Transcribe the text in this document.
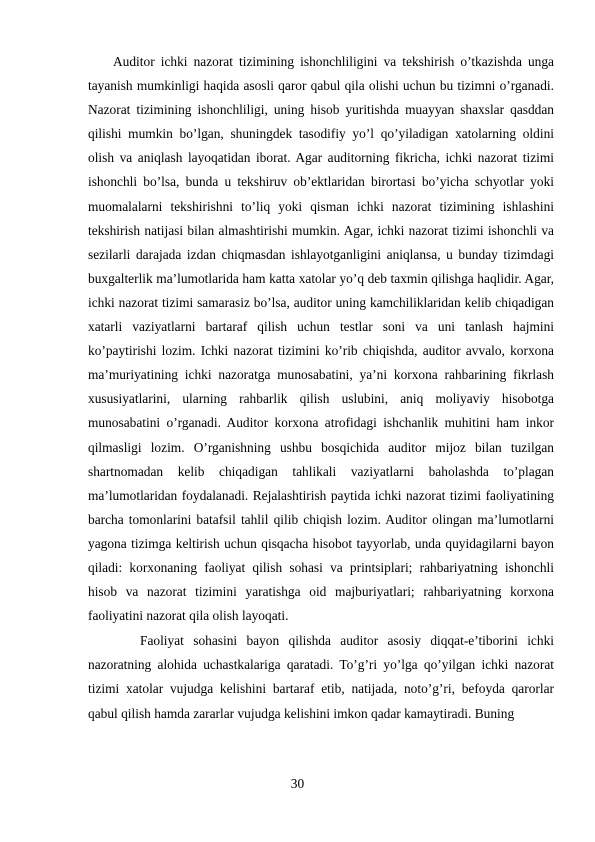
Auditor ichki nazorat tizimining ishonchliligini va tekshirish o’tkazishda unga tayanish mumkinligi haqida asosli qaror qabul qila olishi uchun bu tizimni o’rganadi. Nazorat tizimining ishonchliligi, uning hisob yuritishda muayyan shaxslar qasddan qilishi mumkin bo’lgan, shuningdek tasodifiy yo’l qo’yiladigan xatolarning oldini olish va aniqlash layoqatidan iborat. Agar auditorning fikricha, ichki nazorat tizimi ishonchli bo’lsa, bunda u tekshiruv ob’ektlaridan birortasi bo’yicha schyotlar yoki muomalalarni tekshirishni to’liq yoki qisman ichki nazorat tizimining ishlashini tekshirish natijasi bilan almashtirishi mumkin. Agar, ichki nazorat tizimi ishonchli va sezilarli darajada izdan chiqmasdan ishlayotganligini aniqlansa, u bunday tizimdagi buxgalterlik ma’lumotlarida ham katta xatolar yo’q deb taxmin qilishga haqlidir. Agar, ichki nazorat tizimi samarasiz bo’lsa, auditor uning kamchiliklaridan kelib chiqadigan xatarli vaziyatlarni bartaraf qilish uchun testlar soni va uni tanlash hajmini ko’paytirishi lozim. Ichki nazorat tizimini ko’rib chiqishda, auditor avvalo, korxona ma’muriyatining ichki nazoratga munosabatini, ya’ni korxona rahbarining fikrlash xususiyatlarini, ularning rahbarlik qilish uslubini, aniq moliyaviy hisobotga munosabatini o’rganadi. Auditor korxona atrofidagi ishchanlik muhitini ham inkor qilmasligi lozim. O’rganishning ushbu bosqichida auditor mijoz bilan tuzilgan shartnomadan kelib chiqadigan tahlikali vaziyatlarni baholashda to’plagan ma’lumotlaridan foydalanadi. Rejalashtirish paytida ichki nazorat tizimi faoliyatining barcha tomonlarini batafsil tahlil qilib chiqish lozim. Auditor olingan ma’lumotlarni yagona tizimga keltirish uchun qisqacha hisobot tayyorlab, unda quyidagilarni bayon qiladi: korxonaning faoliyat qilish sohasi va printsiplari; rahbariyatning ishonchli hisob va nazorat tizimini yaratishga oid majburiyatlari; rahbariyatning korxona faoliyatini nazorat qila olish layoqati.

Faoliyat sohasini bayon qilishda auditor asosiy diqqat-e’tiborini ichki nazoratning alohida uchastkalariga qaratadi. To’g’ri yo’lga qo’yilgan ichki nazorat tizimi xatolar vujudga kelishini bartaraf etib, natijada, noto’g’ri, befoyda qarorlar qabul qilish hamda zararlar vujudga kelishini imkon qadar kamaytiradi. Buning

30
